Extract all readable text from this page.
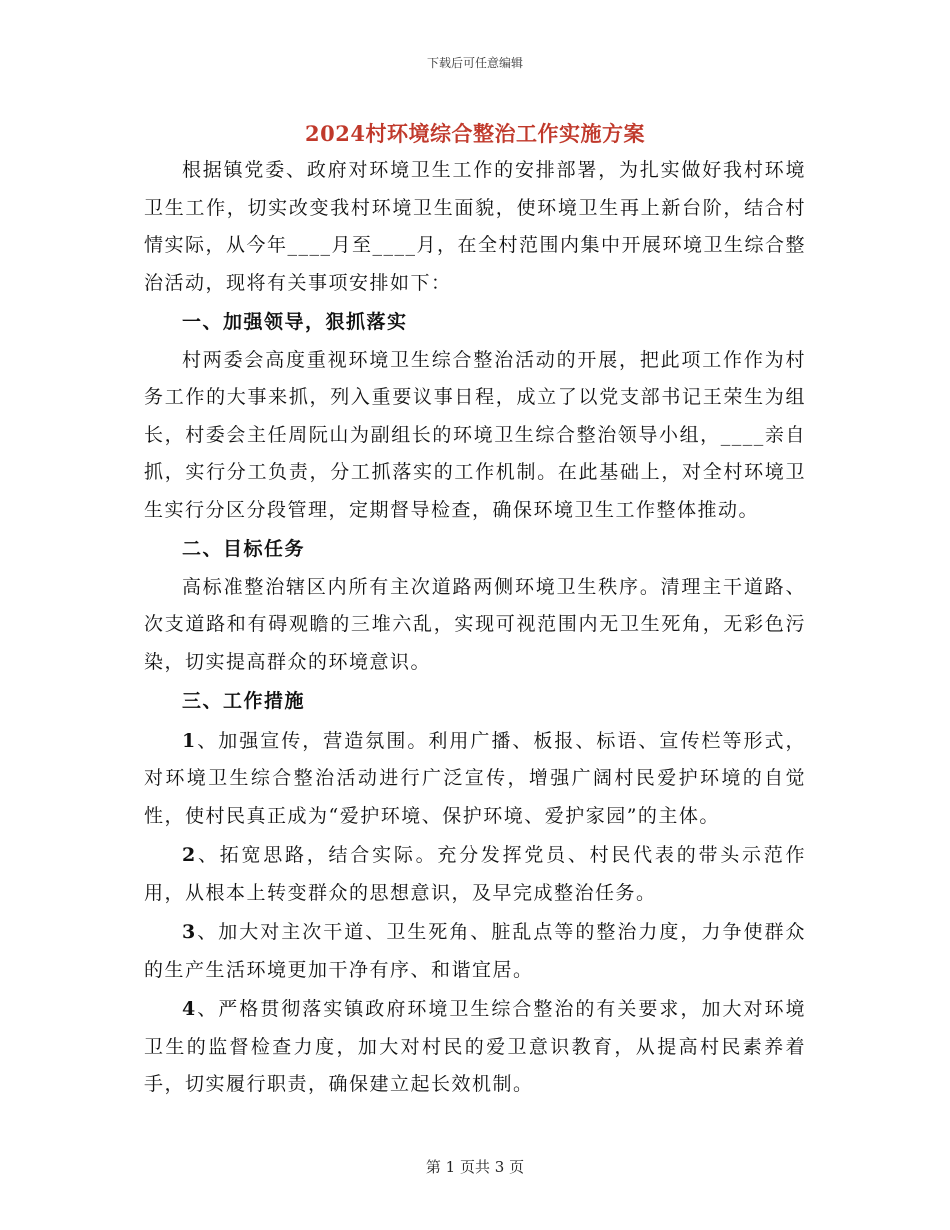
下载后可任意编辑
2024村环境综合整治工作实施方案

根据镇党委、政府对环境卫生工作的安排部署，为扎实做好我村环境卫生工作，切实改变我村环境卫生面貌，使环境卫生再上新台阶，结合村情实际，从今年____月至____月，在全村范围内集中开展环境卫生综合整治活动，现将有关事项安排如下：

一、加强领导，狠抓落实

村两委会高度重视环境卫生综合整治活动的开展，把此项工作作为村务工作的大事来抓，列入重要议事日程，成立了以党支部书记王荣生为组长，村委会主任周阮山为副组长的环境卫生综合整治领导小组，____亲自抓，实行分工负责，分工抓落实的工作机制。在此基础上，对全村环境卫生实行分区分段管理，定期督导检查，确保环境卫生工作整体推动。

二、目标任务

高标准整治辖区内所有主次道路两侧环境卫生秩序。清理主干道路、次支道路和有碍观瞻的三堆六乱，实现可视范围内无卫生死角，无彩色污染，切实提高群众的环境意识。

三、工作措施

1、加强宣传，营造氛围。利用广播、板报、标语、宣传栏等形式，对环境卫生综合整治活动进行广泛宣传，增强广阔村民爱护环境的自觉性，使村民真正成为“爱护环境、保护环境、爱护家园”的主体。

2、拓宽思路，结合实际。充分发挥党员、村民代表的带头示范作用，从根本上转变群众的思想意识，及早完成整治任务。

3、加大对主次干道、卫生死角、脏乱点等的整治力度，力争使群众的生产生活环境更加干净有序、和谐宜居。

4、严格贯彻落实镇政府环境卫生综合整治的有关要求，加大对环境卫生的监督检查力度，加大对村民的爱卫意识教育，从提高村民素养着手，切实履行职责，确保建立起长效机制。

第 1 页共 3 页
